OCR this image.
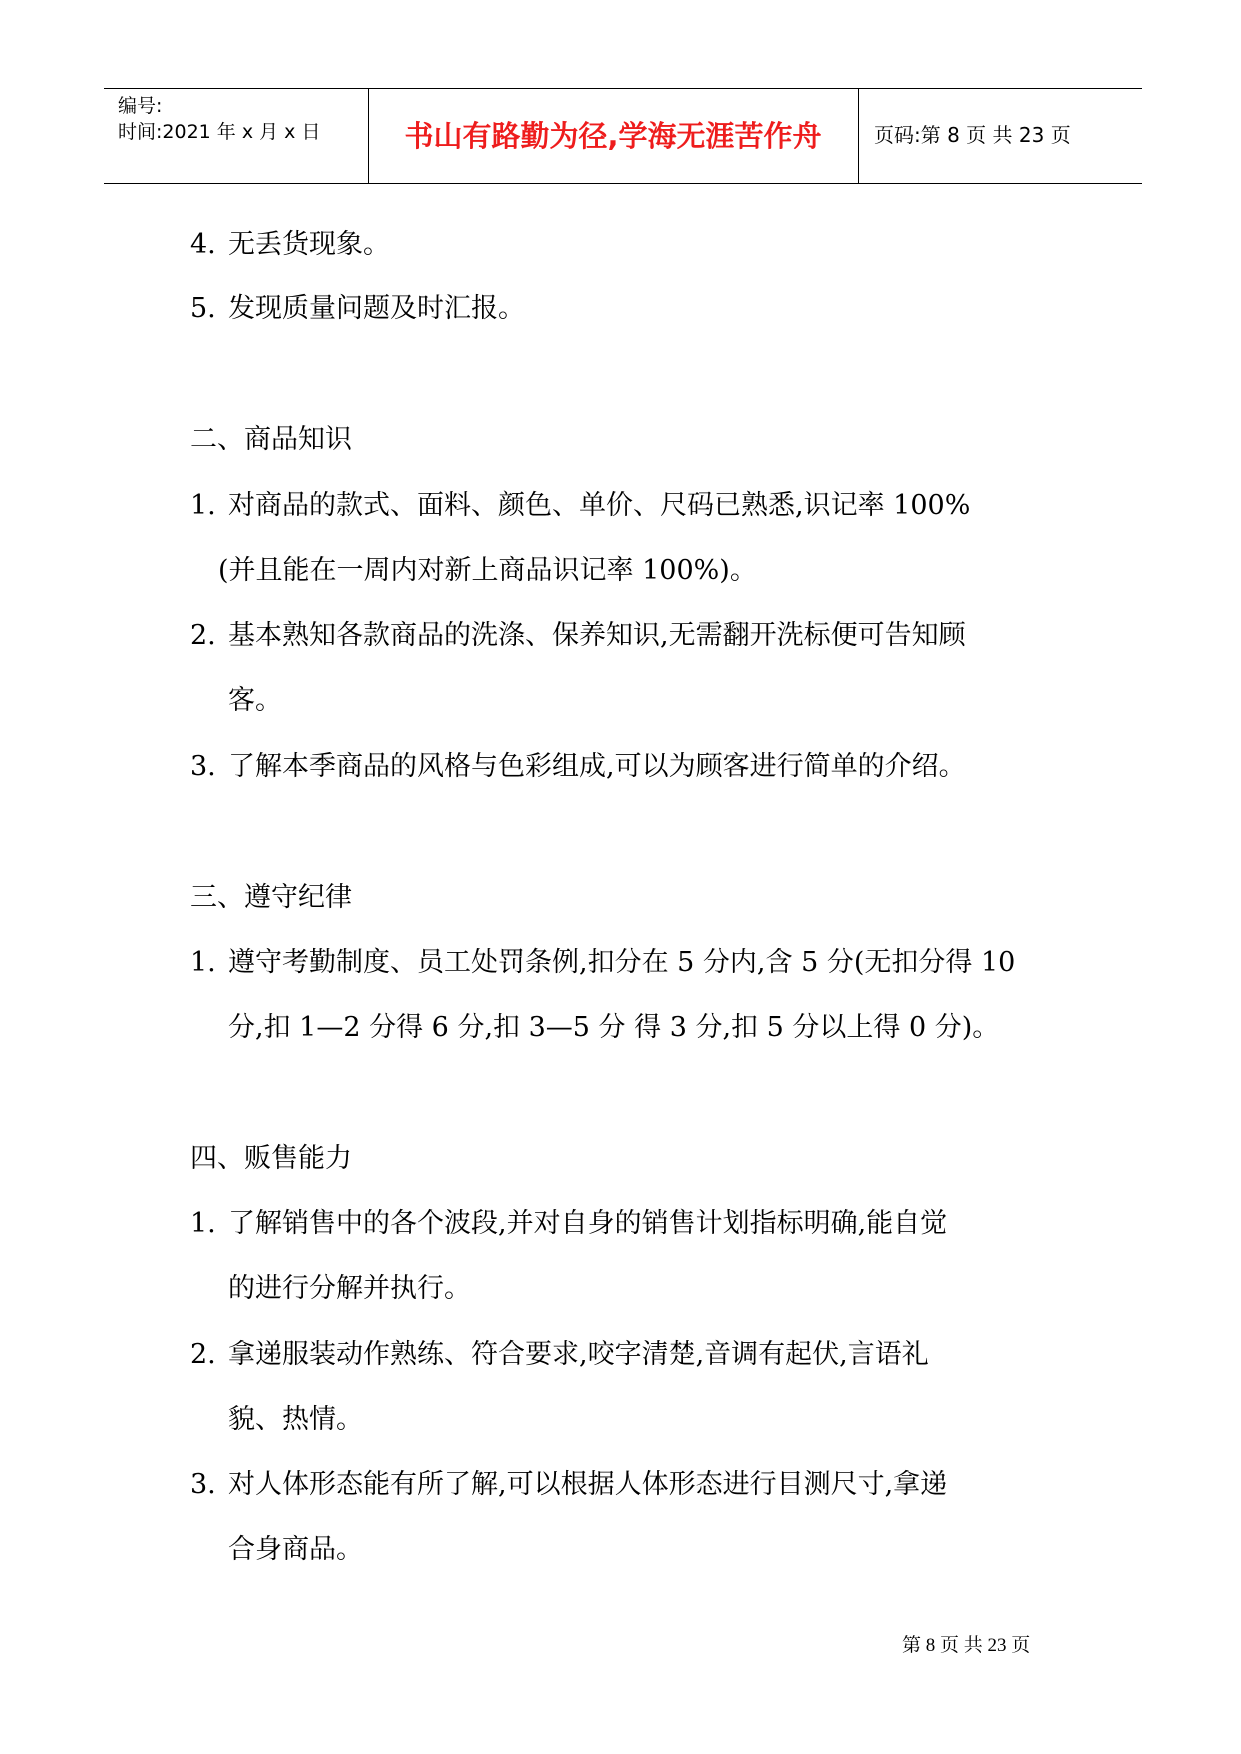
编号:
时间:2021 年 x 月 x 日	书山有路勤为径,学海无涯苦作舟	页码:第 8 页 共 23 页
4. 无丢货现象。
5. 发现质量问题及时汇报。
二、商品知识
1. 对商品的款式、面料、颜色、单价、尺码已熟悉,识记率 100%
(并且能在一周内对新上商品识记率 100%)。
2. 基本熟知各款商品的洗涤、保养知识,无需翻开洗标便可告知顾
客。
3. 了解本季商品的风格与色彩组成,可以为顾客进行简单的介绍。
三、遵守纪律
1. 遵守考勤制度、员工处罚条例,扣分在 5 分内,含 5 分(无扣分得 10
分,扣 1—2 分得 6 分,扣 3—5 分 得 3 分,扣 5 分以上得 0 分)。
四、贩售能力
1. 了解销售中的各个波段,并对自身的销售计划指标明确,能自觉
的进行分解并执行。
2. 拿递服装动作熟练、符合要求,咬字清楚,音调有起伏,言语礼
貌、热情。
3. 对人体形态能有所了解,可以根据人体形态进行目测尺寸,拿递
合身商品。
第 8 页 共 23 页
